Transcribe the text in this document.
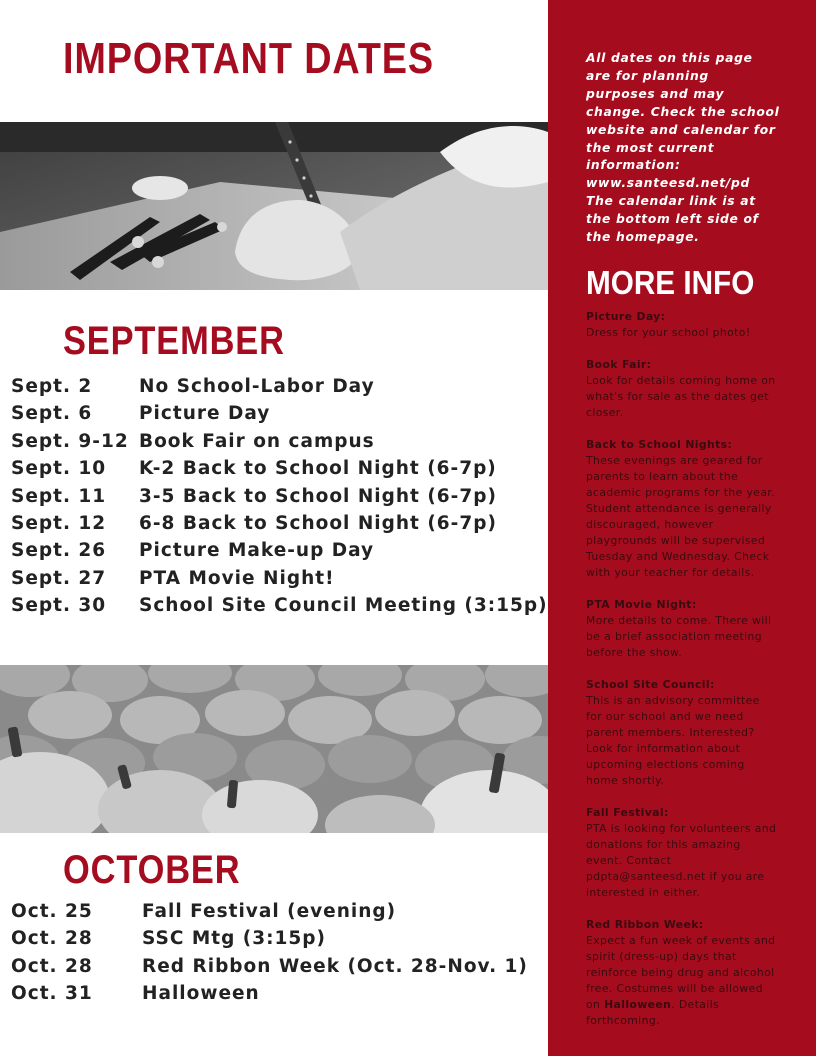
IMPORTANT DATES
SEPTEMBER
Sept. 2	No School-Labor Day
Sept. 6	Picture Day
Sept. 9-12 Book Fair on campus
Sept. 10	K-2 Back to School Night (6-7p)
Sept. 11	3-5 Back to School Night (6-7p)
Sept. 12	6-8 Back to School Night (6-7p)
Sept. 26	Picture Make-up Day
Sept. 27	PTA Movie Night!
Sept. 30	School Site Council Meeting (3:15p)
OCTOBER
Oct. 25	Fall Festival (evening)
Oct. 28	SSC Mtg (3:15p)
Oct. 28	Red Ribbon Week (Oct. 28-Nov. 1)
Oct. 31	Halloween
All dates on this page are for planning purposes and may change. Check the school website and calendar for the most current information: www.santeesd.net/pd The calendar link is at the bottom left side of the homepage.
MORE INFO
Picture Day:
Dress for your school photo!
Book Fair:
Look for details coming home on what's for sale as the dates get closer.
Back to School Nights:
These evenings are geared for parents to learn about the academic programs for the year. Student attendance is generally discouraged, however playgrounds will be supervised Tuesday and Wednesday. Check with your teacher for details.
PTA Movie Night:
More details to come. There will be a brief association meeting before the show.
School Site Council:
This is an advisory committee for our school and we need parent members. Interested? Look for information about upcoming elections coming home shortly.
Fall Festival:
PTA is looking for volunteers and donations for this amazing event. Contact pdpta@santeesd.net if you are interested in either.
Red Ribbon Week:
Expect a fun week of events and spirit (dress-up) days that reinforce being drug and alcohol free. Costumes will be allowed on Halloween. Details forthcoming.
